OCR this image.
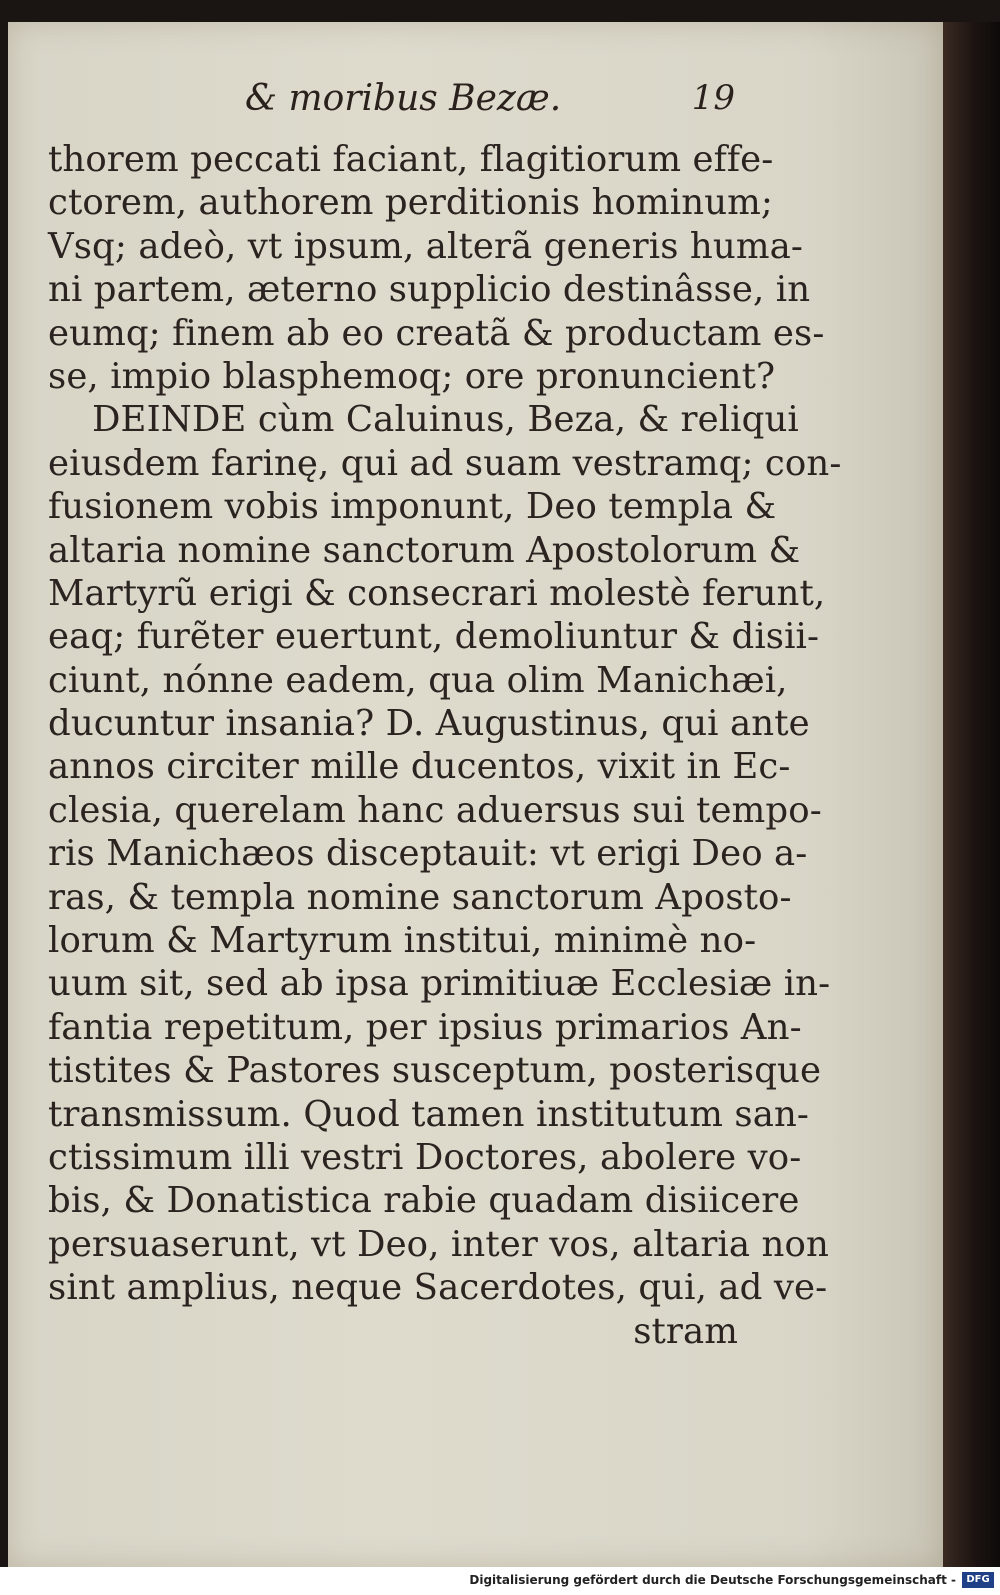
& moribus Bezæ.	19
thorem peccati faciant, flagitiorum effe-
ctorem, authorem perditionis hominum;
Vsq; adeò, vt ipsum, alterã generis huma-
ni partem, æterno supplicio destinâsse, in
eumq; finem ab eo creatã & productam es-
se, impio blasphemoq; ore pronuncient?
DEINDE cùm Caluinus, Beza, & reliqui
eiusdem farinę, qui ad suam vestramq; con-
fusionem vobis imponunt, Deo templa &
altaria nomine sanctorum Apostolorum &
Martyrũ erigi & consecrari molestè ferunt,
eaq; furẽter euertunt, demoliuntur & disii-
ciunt, nónne eadem, qua olim Manichæi,
ducuntur insania? D. Augustinus, qui ante
annos circiter mille ducentos, vixit in Ec-
clesia, querelam hanc aduersus sui tempo-
ris Manichæos disceptauit: vt erigi Deo a-
ras, & templa nomine sanctorum Aposto-
lorum & Martyrum institui, minimè no-
uum sit, sed ab ipsa primitiuæ Ecclesiæ in-
fantia repetitum, per ipsius primarios An-
tistites & Pastores susceptum, posterisque
transmissum. Quod tamen institutum san-
ctissimum illi vestri Doctores, abolere vo-
bis, & Donatistica rabie quadam disiicere
persuaserunt, vt Deo, inter vos, altaria non
sint amplius, neque Sacerdotes, qui, ad ve-
stram
Digitalisierung gefördert durch die Deutsche Forschungsgemeinschaft -	DFG
